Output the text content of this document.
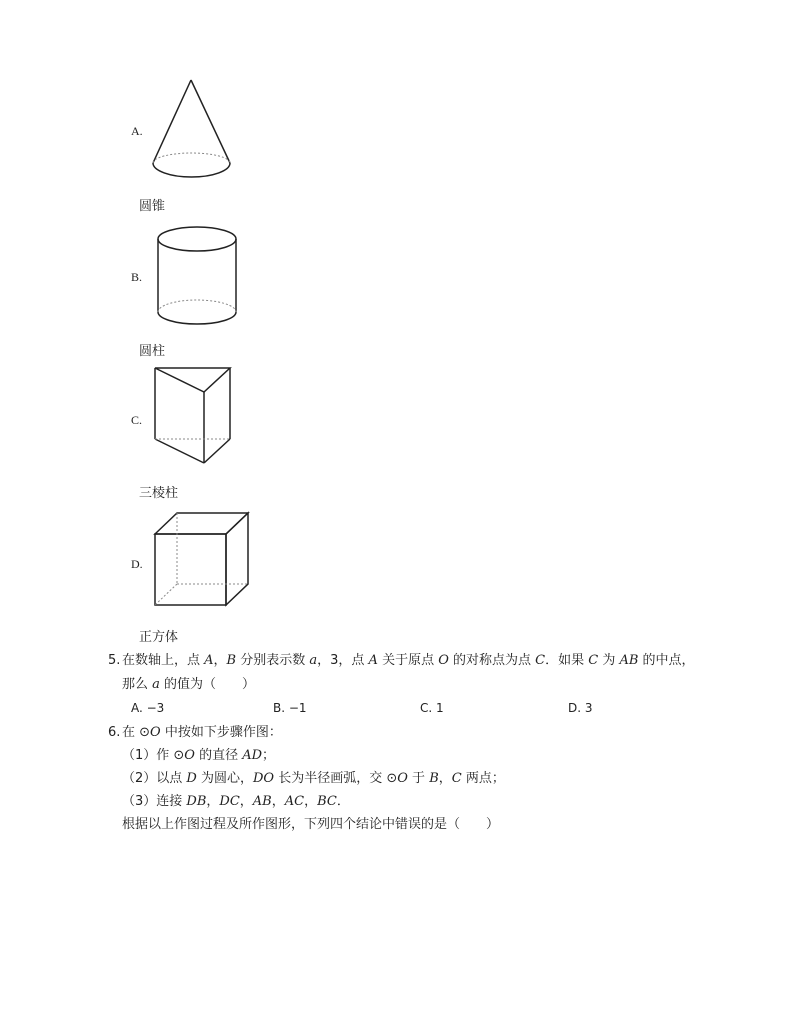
A.
圆锥
B.
圆柱
C.
三棱柱
D.
正方体
5. 在数轴上，点 A，B 分别表示数 a，3，点 A 关于原点 O 的对称点为点 C．如果 C 为 AB 的中点，
那么 a 的值为（　　）
A. −3	B. −1	C. 1	D. 3
6. 在 ⊙O 中按如下步骤作图：
（1）作 ⊙O 的直径 AD；
（2）以点 D 为圆心，DO 长为半径画弧，交 ⊙O 于 B，C 两点；
（3）连接 DB，DC，AB，AC，BC．
根据以上作图过程及所作图形，下列四个结论中错误的是（　　）
